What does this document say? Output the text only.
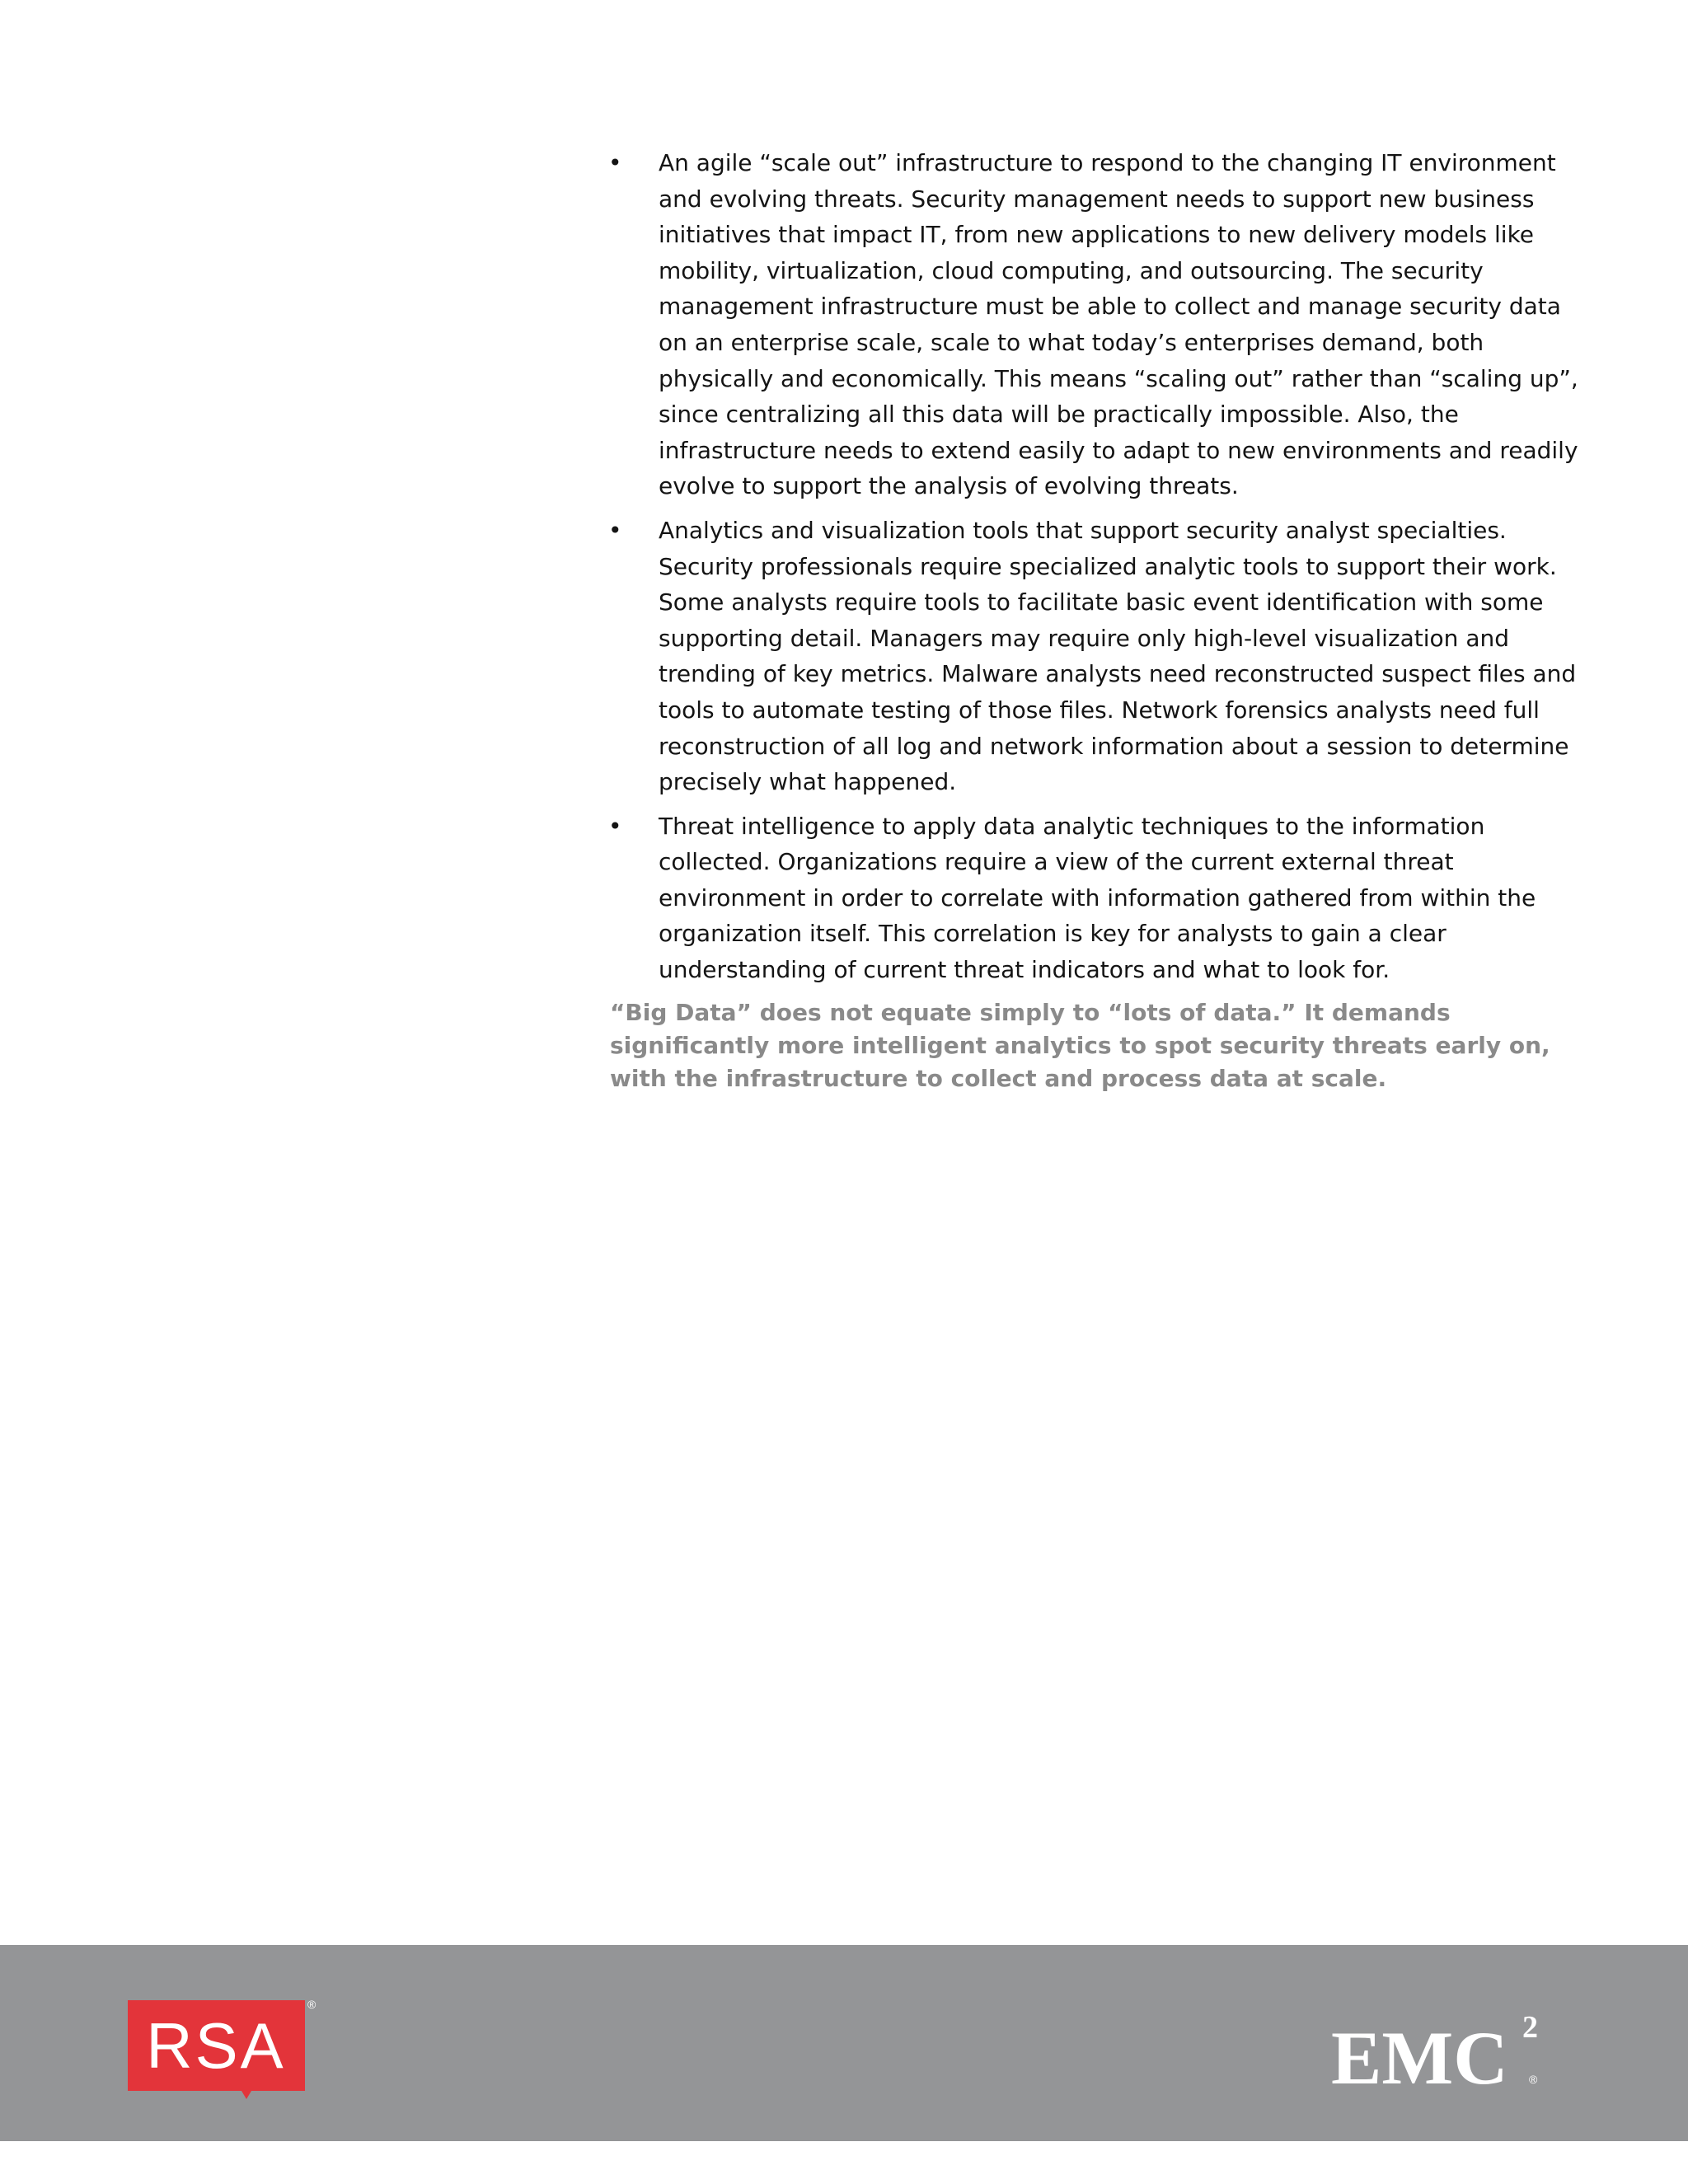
• An agile “scale out” infrastructure to respond to the changing IT environment and evolving threats. Security management needs to support new business initiatives that impact IT, from new applications to new delivery models like mobility, virtualization, cloud computing, and outsourcing. The security management infrastructure must be able to collect and manage security data on an enterprise scale, scale to what today’s enterprises demand, both physically and economically. This means “scaling out” rather than “scaling up”, since centralizing all this data will be practically impossible. Also, the infrastructure needs to extend easily to adapt to new environments and readily evolve to support the analysis of evolving threats.
• Analytics and visualization tools that support security analyst specialties. Security professionals require specialized analytic tools to support their work. Some analysts require tools to facilitate basic event identification with some supporting detail. Managers may require only high-level visualization and trending of key metrics. Malware analysts need reconstructed suspect files and tools to automate testing of those files. Network forensics analysts need full reconstruction of all log and network information about a session to determine precisely what happened.
• Threat intelligence to apply data analytic techniques to the information collected. Organizations require a view of the current external threat environment in order to correlate with information gathered from within the organization itself. This correlation is key for analysts to gain a clear understanding of current threat indicators and what to look for.

“Big Data” does not equate simply to “lots of data.” It demands significantly more intelligent analytics to spot security threats early on, with the infrastructure to collect and process data at scale.

RSA
®
EMC 2
®
